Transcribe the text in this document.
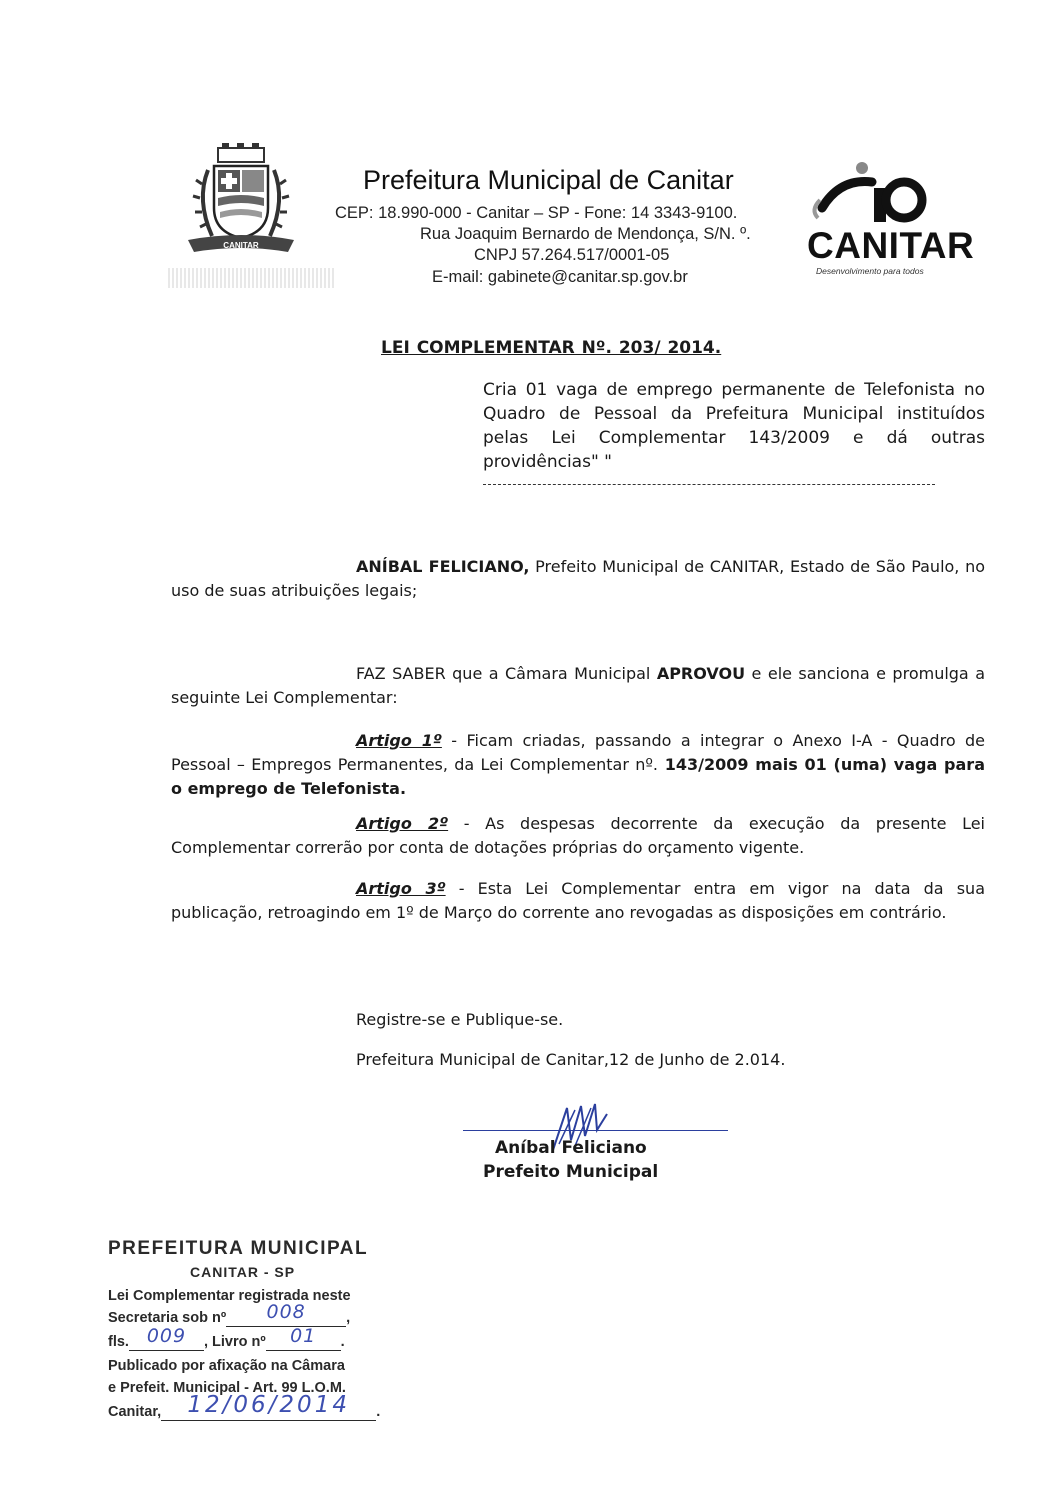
CANITAR
Prefeitura Municipal de Canitar
CEP: 18.990-000 - Canitar – SP - Fone: 14 3343-9100.
Rua Joaquim Bernardo de Mendonça, S/N. º.
CNPJ 57.264.517/0001-05
E-mail: gabinete@canitar.sp.gov.br
CANITAR
Desenvolvimento para todos
LEI COMPLEMENTAR Nº. 203/ 2014.
Cria 01 vaga de emprego permanente de Telefonista no Quadro de Pessoal da Prefeitura Municipal instituídos pelas Lei Complementar 143/2009 e dá outras providências" "
ANÍBAL FELICIANO, Prefeito Municipal de CANITAR, Estado de São Paulo, no uso de suas atribuições legais;
FAZ SABER que a Câmara Municipal APROVOU e ele sanciona e promulga a seguinte Lei Complementar:
Artigo 1º - Ficam criadas, passando a integrar o Anexo I-A - Quadro de Pessoal – Empregos Permanentes, da Lei Complementar nº. 143/2009 mais 01 (uma) vaga para o emprego de Telefonista.
Artigo 2º - As despesas decorrente da execução da presente Lei Complementar correrão por conta de dotações próprias do orçamento vigente.
Artigo 3º - Esta Lei Complementar entra em vigor na data da sua publicação, retroagindo em 1º de Março do corrente ano revogadas as disposições em contrário.
Registre-se e Publique-se.
Prefeitura Municipal de Canitar,12 de Junho de 2.014.
Aníbal Feliciano
Prefeito Municipal
PREFEITURA MUNICIPAL
CANITAR - SP
Lei Complementar registrada neste
Secretaria sob nº	008	,
fls. 009	, Livro nº	01	.
Publicado por afixação na Câmara
e Prefeit. Municipal - Art. 99 L.O.M.
Canitar,	12/06/2014	.
